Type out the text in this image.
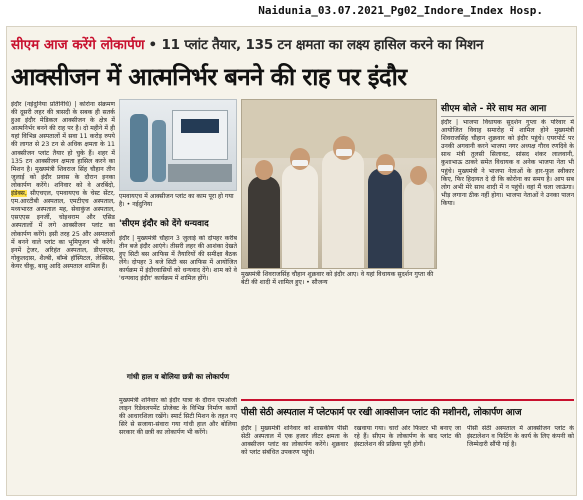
Naidunia_03.07.2021_Pg02_Indore_Index Hosp.
सीएम आज करेंगे लोकार्पण • 11 प्लांट तैयार, 135 टन क्षमता का लक्ष्य हासिल करने का मिशन
आक्सीजन में आत्मनिर्भर बनने की राह पर इंदौर
इंदौर (नईदुनिया प्रतिनिधि) | कोरोना संक्रमण की दूसरी लहर की त्रासदी के सबक ही सतर्क हुआ इंदौर मेडिकल आक्सीजन के क्षेत्र में आत्मनिर्भर बनने की राह पर है। दो महीने में ही यहां विभिन्न अस्पतालों में सवा 11 करोड़ रुपये की लागत से 23 टन से अधिक क्षमता के 11 आक्सीजन प्लांट तैयार हो चुके हैं। शहर में 135 टन आक्सीजन क्षमता हासिल करने का मिशन है। मुख्यमंत्री शिवराज सिंह चौहान तीन जुलाई को इंदौर प्रवास के दौरान इनका लोकार्पण करेंगे। शनिवार को वे अरबिंदो, इंडेक्स, सीएचएल, एमवायएच के चेस्ट सेंटर, एम.आरटीबी अस्पताल, एमटीएच अस्पताल, मध्यभारत अस्पताल मह, सेवाकुंज अस्पताल, एसएएस इनर्जी, चोइथराम और एसिड अस्पतालों में लगे आक्सीजन प्लांट का लोकार्पण करेंगे। इसी तरह 25 और अस्पतालों में बनने वाले प्लांट का भूमिपूजन भी करेंगे। इनमें ट्रेजर, अरिहंत अस्पताल, डीएनएस, गोकुलदास, शैल्बी, बॉम्बे हॉस्पिटल, लेक्सिस, केयर चीकू, बासु आदि अस्पताल शामिल हैं।
एमवायएच में आक्सीजन प्लांट का काम पूरा हो गया है। • नईदुनिया
'सीएम इंदौर को देंगे धन्यवाद
इंदौर | मुख्यमंत्री चौहान 3 जुलाई को दोपहर करीब तीन बजे इंदौर आएंगे। तीसरी लहर की आशंका देखते हुए सिटी बस आफिस में तैयारियों की समीक्षा बैठक लेंगे। दोपहर 3 बजे सिटी बस आफिस में आयोजित कार्यक्रम में इंदौरवासियों को धन्यवाद देंगे। शाम को वे 'धन्यवाद इंदौर' कार्यक्रम में शामिल होंगे।
गांधी हाल व बोलिया छत्री का लोकार्पण
मुख्यमंत्री शनिवार को इंदौर यात्रा के दौरान एमओजी लाइन रिडेवलपमेंट प्रोजेक्ट के विभिन्न निर्माण कार्यों की आधारशिला रखेंगे। स्मार्ट सिटी मिशन के तहत नए सिरे से सजाया-संवारा गया गांधी हाल और बोलिया सरकार की छत्री का लोकार्पण भी करेंगे।
मुख्यमंत्री शिवराजसिंह चौहान शुक्रवार को इंदौर आए। वे यहां विधायक सुदर्शन गुप्ता की बेटी की शादी में शामिल हुए। • सौजन्य
सीएम बोले - मेरे साथ मत आना
इंदौर | भाजपा विधायक सुदर्शन गुप्ता के परिवार में आयोजित विवाह समारोह में शामिल होने मुख्यमंत्री शिवराजसिंह चौहान शुक्रवार को इंदौर पहुंचे। एयरपोर्ट पर उनकी अगवानी करने भाजपा नगर अध्यक्ष गौरव रणदिवे के साथ मंत्री तुलसी सिलावट, सांसद शंकर लालवानी, कुशाभाऊ ठाकरे समेत विधायक व अनेक भाजपा नेता भी पहुंचे। मुख्यमंत्री ने भाजपा नेताओं के हार-फूल स्वीकार किए, फिर हिदायत दे दी कि कोरोना का समय है। आप सब लोग अभी मेरे साथ शादी में न पहुंचें। वहां मैं चला जाऊंगा। भीड़ लगाना ठीक नहीं होगा। भाजपा नेताओं ने उनका पालन किया।
पीसी सेठी अस्पताल में प्लेटफार्म पर रखी आक्सीजन प्लांट की मशीनरी, लोकार्पण आज
इंदौर | मुख्यमंत्री शनिवार को शासकीय पीसी सेठी अस्पताल में एक हजार लीटर क्षमता के आक्सीजन प्लांट का लोकार्पण करेंगे। शुक्रवार को प्लांट संबंधित उपकरण पहुंचे।
रखवाया गया। चारों ओर फिल्टर भी बनाए जा रहे हैं। सीएम के लोकार्पण के बाद प्लांट की इंस्टालेशन की प्रक्रिया पूरी होगी।
पीसी सेठी अस्पताल में आक्सीजन प्लांट के इंस्टालेशन व फिटिंग के कार्य के लिए कंपनी को जिम्मेदारी सौंपी गई है।
